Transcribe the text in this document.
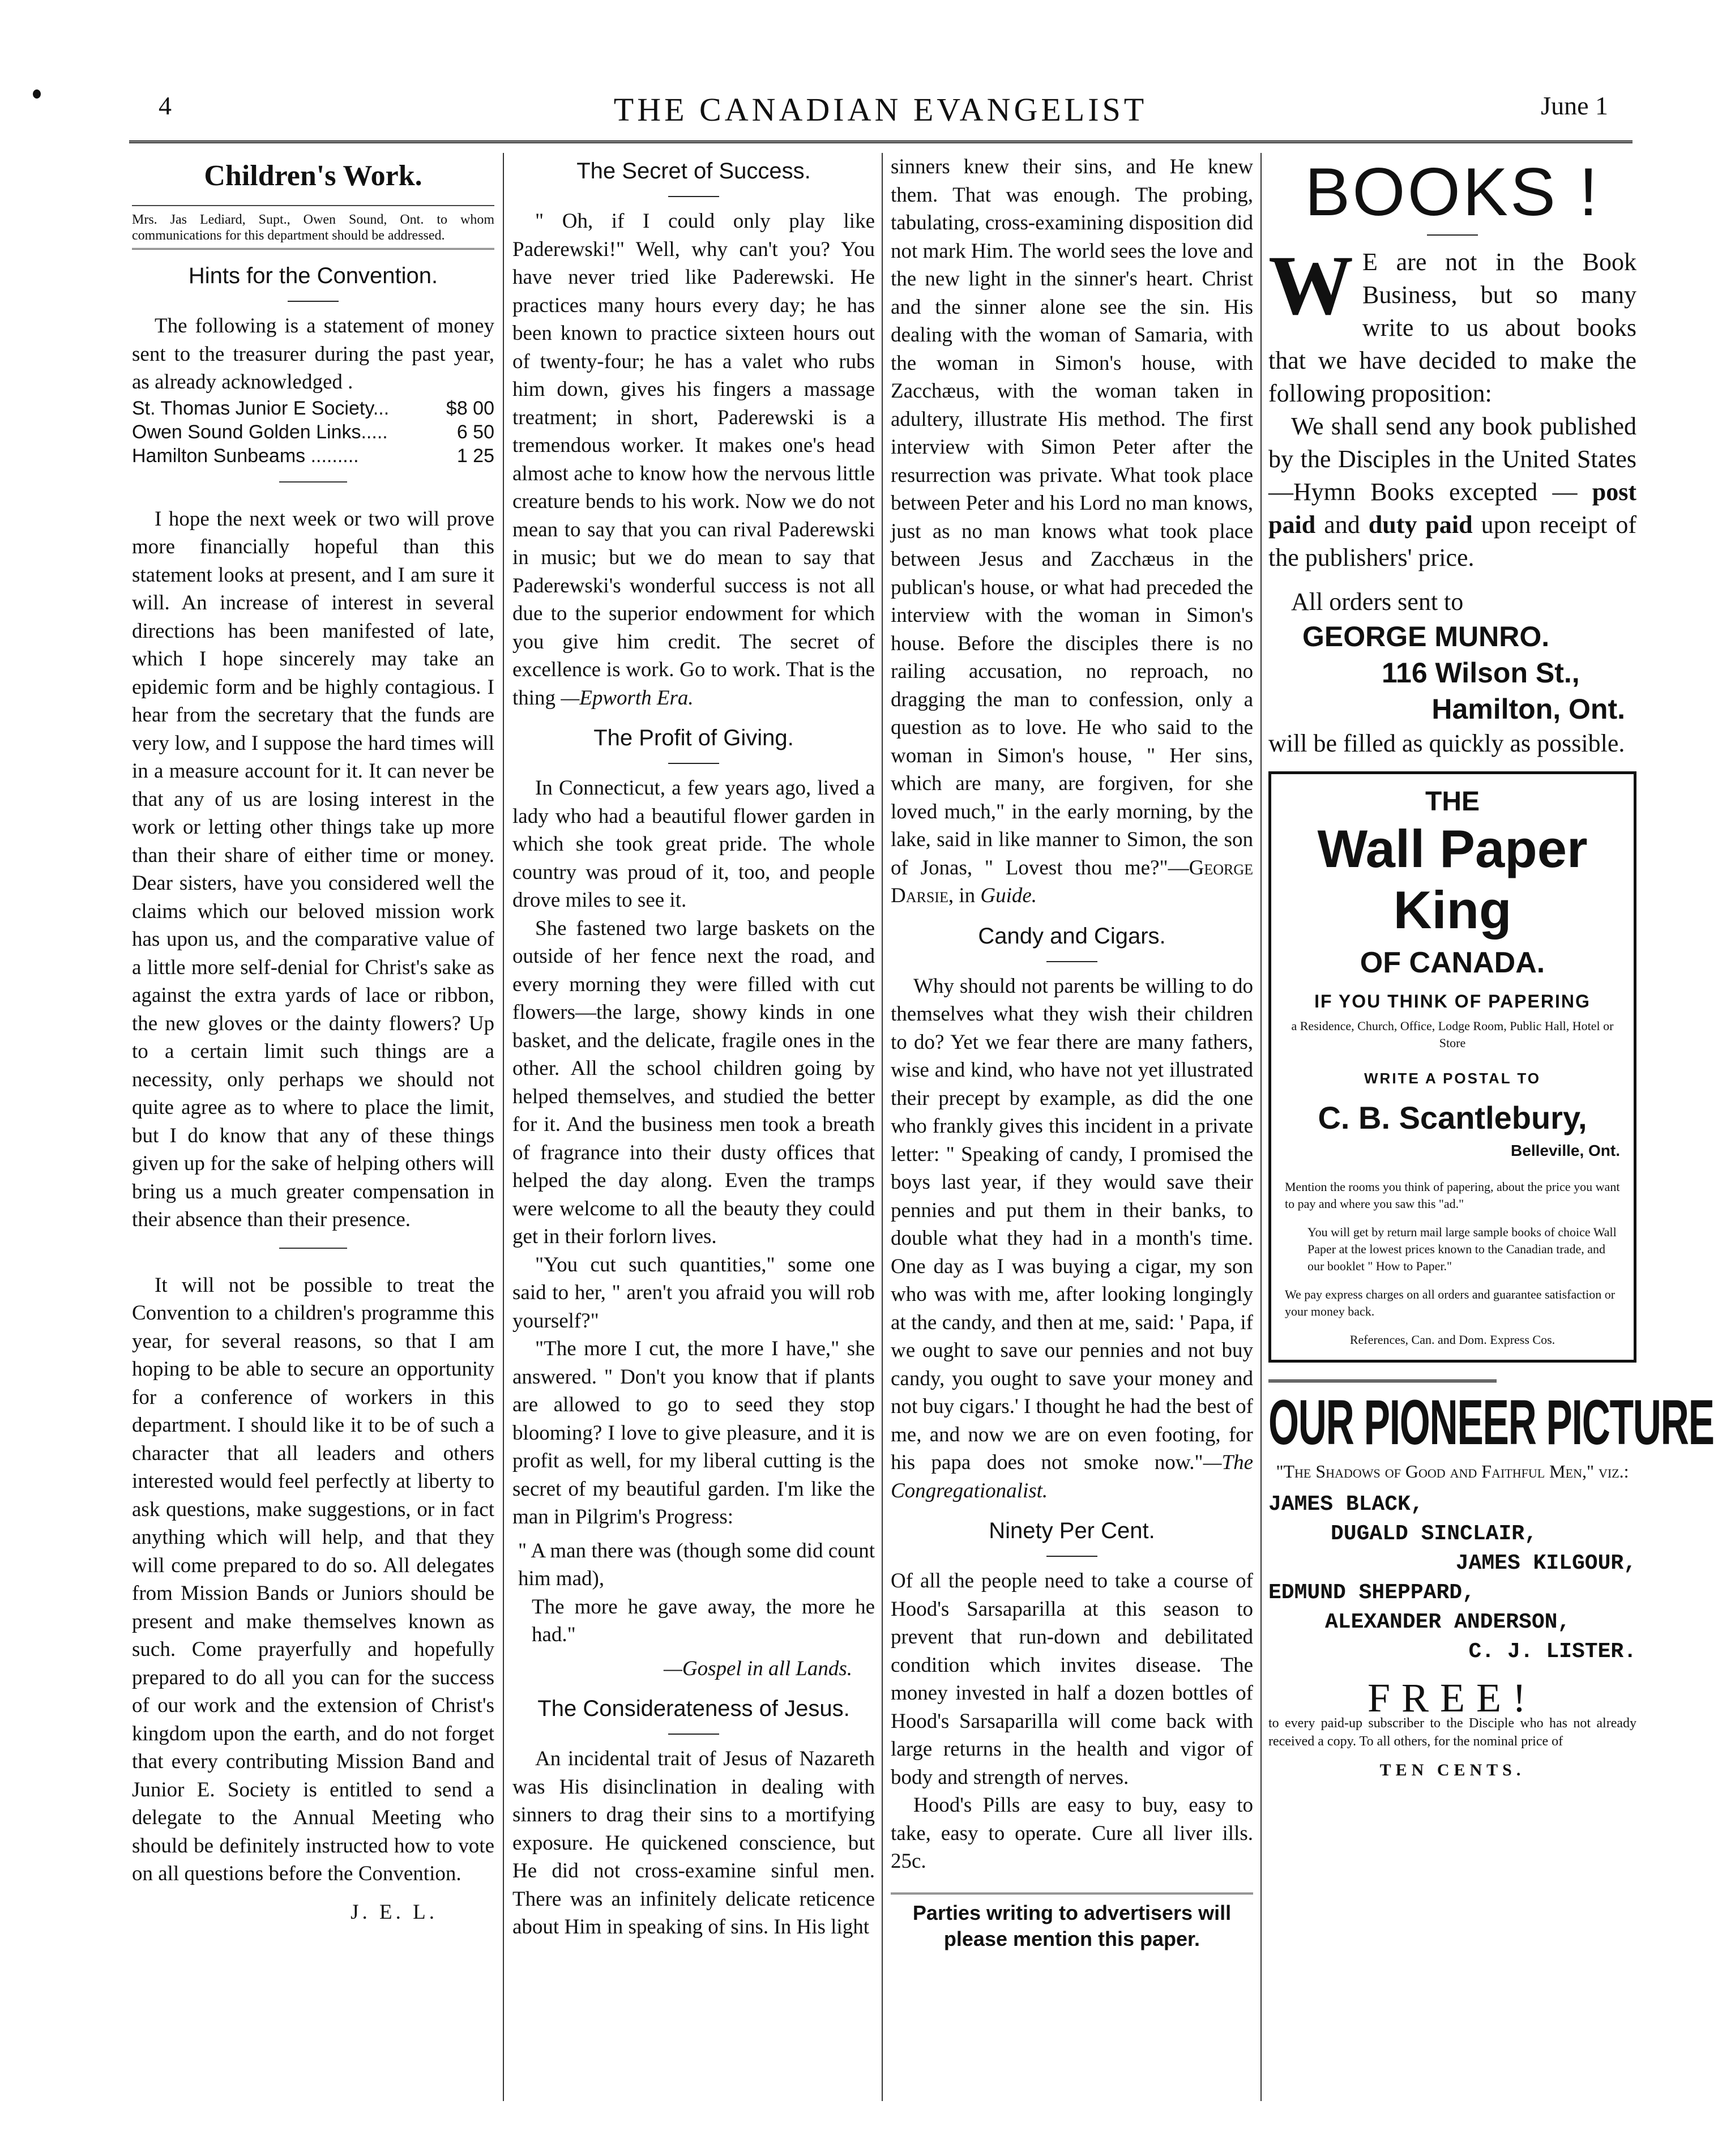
THE CANADIAN EVANGELIST
4	June 1
Children's Work.
Mrs. Jas Lediard, Supt., Owen Sound, Ont. to whom communications for this department should be addressed.
Hints for the Convention.

The following is a statement of money sent to the treasurer during the past year, as already acknowledged .

St. Thomas Junior E Society...	$8 00
Owen Sound Golden Links.....	6 50
Hamilton Sunbeams .........	1 25

I hope the next week or two will prove more financially hopeful than this statement looks at present, and I am sure it will. An increase of interest in several directions has been manifested of late, which I hope sincerely may take an epidemic form and be highly contagious. I hear from the secretary that the funds are very low, and I suppose the hard times will in a measure account for it. It can never be that any of us are losing interest in the work or letting other things take up more than their share of either time or money. Dear sisters, have you considered well the claims which our beloved mission work has upon us, and the comparative value of a little more self-denial for Christ's sake as against the extra yards of lace or ribbon, the new gloves or the dainty flowers? Up to a certain limit such things are a necessity, only perhaps we should not quite agree as to where to place the limit, but I do know that any of these things given up for the sake of helping others will bring us a much greater compensation in their absence than their presence.

It will not be possible to treat the Convention to a children's programme this year, for several reasons, so that I am hoping to be able to secure an opportunity for a conference of workers in this department. I should like it to be of such a character that all leaders and others interested would feel perfectly at liberty to ask questions, make suggestions, or in fact anything which will help, and that they will come prepared to do so. All delegates from Mission Bands or Juniors should be present and make themselves known as such. Come prayerfully and hopefully prepared to do all you can for the success of our work and the extension of Christ's kingdom upon the earth, and do not forget that every contributing Mission Band and Junior E. Society is entitled to send a delegate to the Annual Meeting who should be definitely instructed how to vote on all questions before the Convention.

J. E. L.
The Secret of Success.

" Oh, if I could only play like Paderewski!" Well, why can't you? You have never tried like Paderewski. He practices many hours every day; he has been known to practice sixteen hours out of twenty-four; he has a valet who rubs him down, gives his fingers a massage treatment; in short, Paderewski is a tremendous worker. It makes one's head almost ache to know how the nervous little creature bends to his work. Now we do not mean to say that you can rival Paderewski in music; but we do mean to say that Paderewski's wonderful success is not all due to the superior endowment for which you give him credit. The secret of excellence is work. Go to work. That is the thing —Epworth Era.

The Profit of Giving.

In Connecticut, a few years ago, lived a lady who had a beautiful flower garden in which she took great pride. The whole country was proud of it, too, and people drove miles to see it.

She fastened two large baskets on the outside of her fence next the road, and every morning they were filled with cut flowers—the large, showy kinds in one basket, and the delicate, fragile ones in the other. All the school children going by helped themselves, and studied the better for it. And the business men took a breath of fragrance into their dusty offices that helped the day along. Even the tramps were welcome to all the beauty they could get in their forlorn lives.

"You cut such quantities," some one said to her, " aren't you afraid you will rob yourself?"

"The more I cut, the more I have," she answered. " Don't you know that if plants are allowed to go to seed they stop blooming? I love to give pleasure, and it is profit as well, for my liberal cutting is the secret of my beautiful garden. I'm like the man in Pilgrim's Progress:

" A man there was (though some did count him mad),
The more he gave away, the more he had."
—Gospel in all Lands.
The Considerateness of Jesus.

An incidental trait of Jesus of Nazareth was His disinclination in dealing with sinners to drag their sins to a mortifying exposure. He quickened conscience, but He did not cross-examine sinful men. There was an infinitely delicate reticence about Him in speaking of sins. In His light

sinners knew their sins, and He knew them. That was enough. The probing, tabulating, cross-examining disposition did not mark Him. The world sees the love and the new light in the sinner's heart. Christ and the sinner alone see the sin. His dealing with the woman of Samaria, with the woman in Simon's house, with Zacchæus, with the woman taken in adultery, illustrate His method. The first interview with Simon Peter after the resurrection was private. What took place between Peter and his Lord no man knows, just as no man knows what took place between Jesus and Zacchæus in the publican's house, or what had preceded the interview with the woman in Simon's house. Before the disciples there is no railing accusation, no reproach, no dragging the man to confession, only a question as to love. He who said to the woman in Simon's house, " Her sins, which are many, are forgiven, for she loved much," in the early morning, by the lake, said in like manner to Simon, the son of Jonas, " Lovest thou me?"—George Darsie, in Guide.

Candy and Cigars.

Why should not parents be willing to do themselves what they wish their children to do? Yet we fear there are many fathers, wise and kind, who have not yet illustrated their precept by example, as did the one who frankly gives this incident in a private letter: " Speaking of candy, I promised the boys last year, if they would save their pennies and put them in their banks, to double what they had in a month's time. One day as I was buying a cigar, my son who was with me, after looking longingly at the candy, and then at me, said: ' Papa, if we ought to save our pennies and not buy candy, you ought to save your money and not buy cigars.' I thought he had the best of me, and now we are on even footing, for his papa does not smoke now."—The Congregationalist.

Ninety Per Cent.

Of all the people need to take a course of Hood's Sarsaparilla at this season to prevent that run-down and debilitated condition which invites disease. The money invested in half a dozen bottles of Hood's Sarsaparilla will come back with large returns in the health and vigor of body and strength of nerves.

Hood's Pills are easy to buy, easy to take, easy to operate. Cure all liver ills. 25c.

Parties writing to advertisers will please mention this paper.
BOOKS !

W E are not in the Book Business, but so many write to us about books that we have decided to make the following proposition:

We shall send any book published by the Disciples in the United States—Hymn Books excepted — post paid and duty paid upon receipt of the publishers' price.

All orders sent to

GEORGE MUNRO.
116 Wilson St.,
Hamilton, Ont.

will be filled as quickly as possible.

THE
Wall Paper
King
OF CANADA.
IF YOU THINK OF PAPERING
a Residence, Church, Office, Lodge Room, Public Hall, Hotel or Store
WRITE A POSTAL TO
C. B. Scantlebury,
Belleville, Ont.
Mention the rooms you think of papering, about the price you want to pay and where you saw this "ad."
You will get by return mail large sample books of choice Wall Paper at the lowest prices known to the Canadian trade, and our booklet " How to Paper."
We pay express charges on all orders and guarantee satisfaction or your money back.
References, Can. and Dom. Express Cos.
OUR PIONEER PICTURE
"The Shadows of Good and Faithful Men," viz.:
JAMES BLACK,
DUGALD SINCLAIR,
JAMES KILGOUR,
EDMUND SHEPPARD,
ALEXANDER ANDERSON,
C. J. LISTER.
FREE!
to every paid-up subscriber to the Disciple who has not already received a copy. To all others, for the nominal price of
TEN CENTS.
